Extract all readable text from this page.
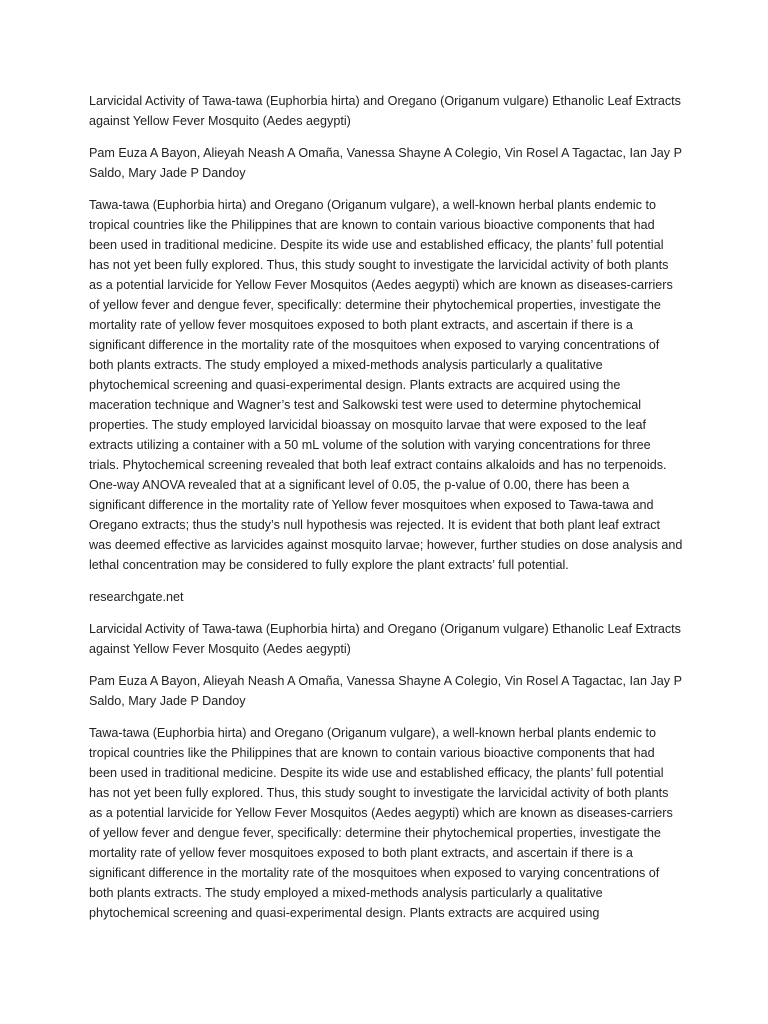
Larvicidal Activity of Tawa-tawa (Euphorbia hirta) and Oregano (Origanum vulgare) Ethanolic Leaf Extracts against Yellow Fever Mosquito (Aedes aegypti)

Pam Euza A Bayon, Alieyah Neash A Omaña, Vanessa Shayne A Colegio, Vin Rosel A Tagactac, Ian Jay P Saldo, Mary Jade P Dandoy

Tawa-tawa (Euphorbia hirta) and Oregano (Origanum vulgare), a well-known herbal plants endemic to tropical countries like the Philippines that are known to contain various bioactive components that had been used in traditional medicine. Despite its wide use and established efficacy, the plants’ full potential has not yet been fully explored. Thus, this study sought to investigate the larvicidal activity of both plants as a potential larvicide for Yellow Fever Mosquitos (Aedes aegypti) which are known as diseases-carriers of yellow fever and dengue fever, specifically: determine their phytochemical properties, investigate the mortality rate of yellow fever mosquitoes exposed to both plant extracts, and ascertain if there is a significant difference in the mortality rate of the mosquitoes when exposed to varying concentrations of both plants extracts. The study employed a mixed-methods analysis particularly a qualitative phytochemical screening and quasi-experimental design. Plants extracts are acquired using the maceration technique and Wagner’s test and Salkowski test were used to determine phytochemical properties. The study employed larvicidal bioassay on mosquito larvae that were exposed to the leaf extracts utilizing a container with a 50 mL volume of the solution with varying concentrations for three trials. Phytochemical screening revealed that both leaf extract contains alkaloids and has no terpenoids. One-way ANOVA revealed that at a significant level of 0.05, the p-value of 0.00, there has been a significant difference in the mortality rate of Yellow fever mosquitoes when exposed to Tawa-tawa and Oregano extracts; thus the study’s null hypothesis was rejected. It is evident that both plant leaf extract was deemed effective as larvicides against mosquito larvae; however, further studies on dose analysis and lethal concentration may be considered to fully explore the plant extracts’ full potential.

researchgate.net

Larvicidal Activity of Tawa-tawa (Euphorbia hirta) and Oregano (Origanum vulgare) Ethanolic Leaf Extracts against Yellow Fever Mosquito (Aedes aegypti)

Pam Euza A Bayon, Alieyah Neash A Omaña, Vanessa Shayne A Colegio, Vin Rosel A Tagactac, Ian Jay P Saldo, Mary Jade P Dandoy

Tawa-tawa (Euphorbia hirta) and Oregano (Origanum vulgare), a well-known herbal plants endemic to tropical countries like the Philippines that are known to contain various bioactive components that had been used in traditional medicine. Despite its wide use and established efficacy, the plants’ full potential has not yet been fully explored. Thus, this study sought to investigate the larvicidal activity of both plants as a potential larvicide for Yellow Fever Mosquitos (Aedes aegypti) which are known as diseases-carriers of yellow fever and dengue fever, specifically: determine their phytochemical properties, investigate the mortality rate of yellow fever mosquitoes exposed to both plant extracts, and ascertain if there is a significant difference in the mortality rate of the mosquitoes when exposed to varying concentrations of both plants extracts. The study employed a mixed-methods analysis particularly a qualitative phytochemical screening and quasi-experimental design. Plants extracts are acquired using
